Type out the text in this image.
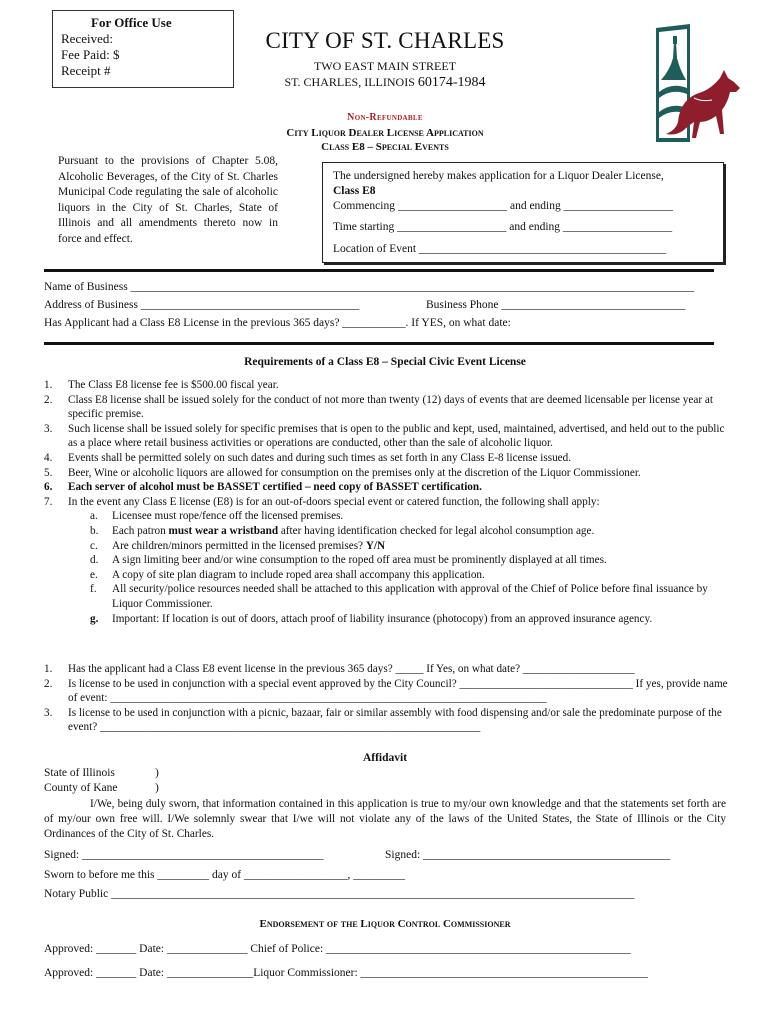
For Office Use
Received:
Fee Paid: $
Receipt #
CITY OF ST. CHARLES
TWO EAST MAIN STREET
ST. CHARLES, ILLINOIS 60174-1984
Non-Refundable
City Liquor Dealer License Application
Class E8 – Special Events
Pursuant to the provisions of Chapter 5.08, Alcoholic Beverages, of the City of St. Charles Municipal Code regulating the sale of alcoholic liquors in the City of St. Charles, State of Illinois and all amendments thereto now in force and effect.
The undersigned hereby makes application for a Liquor Dealer License,
Class E8
Commencing ___________________ and ending ___________________
Time starting ___________________ and ending ___________________
Location of Event ___________________________________________
Name of Business __________________________________________________________________________________________________
Address of Business ______________________________________	Business Phone ________________________________
Has Applicant had a Class E8 License in the previous 365 days? ___________. If YES, on what date:
Requirements of a Class E8 – Special Civic Event License
1. The Class E8 license fee is $500.00 fiscal year.
2. Class E8 license shall be issued solely for the conduct of not more than twenty (12) days of events that are deemed licensable per license year at specific premise.
3. Such license shall be issued solely for specific premises that is open to the public and kept, used, maintained, advertised, and held out to the public as a place where retail business activities or operations are conducted, other than the sale of alcoholic liquor.
4. Events shall be permitted solely on such dates and during such times as set forth in any Class E-8 license issued.
5. Beer, Wine or alcoholic liquors are allowed for consumption on the premises only at the discretion of the Liquor Commissioner.
6. Each server of alcohol must be BASSET certified – need copy of BASSET certification.
7. In the event any Class E license (E8) is for an out-of-doors special event or catered function, the following shall apply:
a. Licensee must rope/fence off the licensed premises.
b. Each patron must wear a wristband after having identification checked for legal alcohol consumption age.
c. Are children/minors permitted in the licensed premises? Y/N
d. A sign limiting beer and/or wine consumption to the roped off area must be prominently displayed at all times.
e. A copy of site plan diagram to include roped area shall accompany this application.
f. All security/police resources needed shall be attached to this application with approval of the Chief of Police before final issuance by Liquor Commissioner.
g. Important: If location is out of doors, attach proof of liability insurance (photocopy) from an approved insurance agency.
1. Has the applicant had a Class E8 event license in the previous 365 days? _____ If Yes, on what date? ____________________
2. Is license to be used in conjunction with a special event approved by the City Council? _______________________________ If yes, provide name of event: ______________________________________________________________________________
3. Is license to be used in conjunction with a picnic, bazaar, fair or similar assembly with food dispensing and/or sale the predominate purpose of the event? ____________________________________________________________________
Affidavit
State of Illinois	)
County of Kane	)
I/We, being duly sworn, that information contained in this application is true to my/our own knowledge and that the statements set forth are of my/our own free will. I/We solemnly swear that I/we will not violate any of the laws of the United States, the State of Illinois or the City Ordinances of the City of St. Charles.
Signed: __________________________________________	Signed: ___________________________________________
Sworn to before me this _________ day of __________________, _________
Notary Public ___________________________________________________________________________________________
Endorsement of the Liquor Control Commissioner
Approved: _______ Date: ______________ Chief of Police: _____________________________________________________
Approved: _______ Date: _______________Liquor Commissioner: __________________________________________________
